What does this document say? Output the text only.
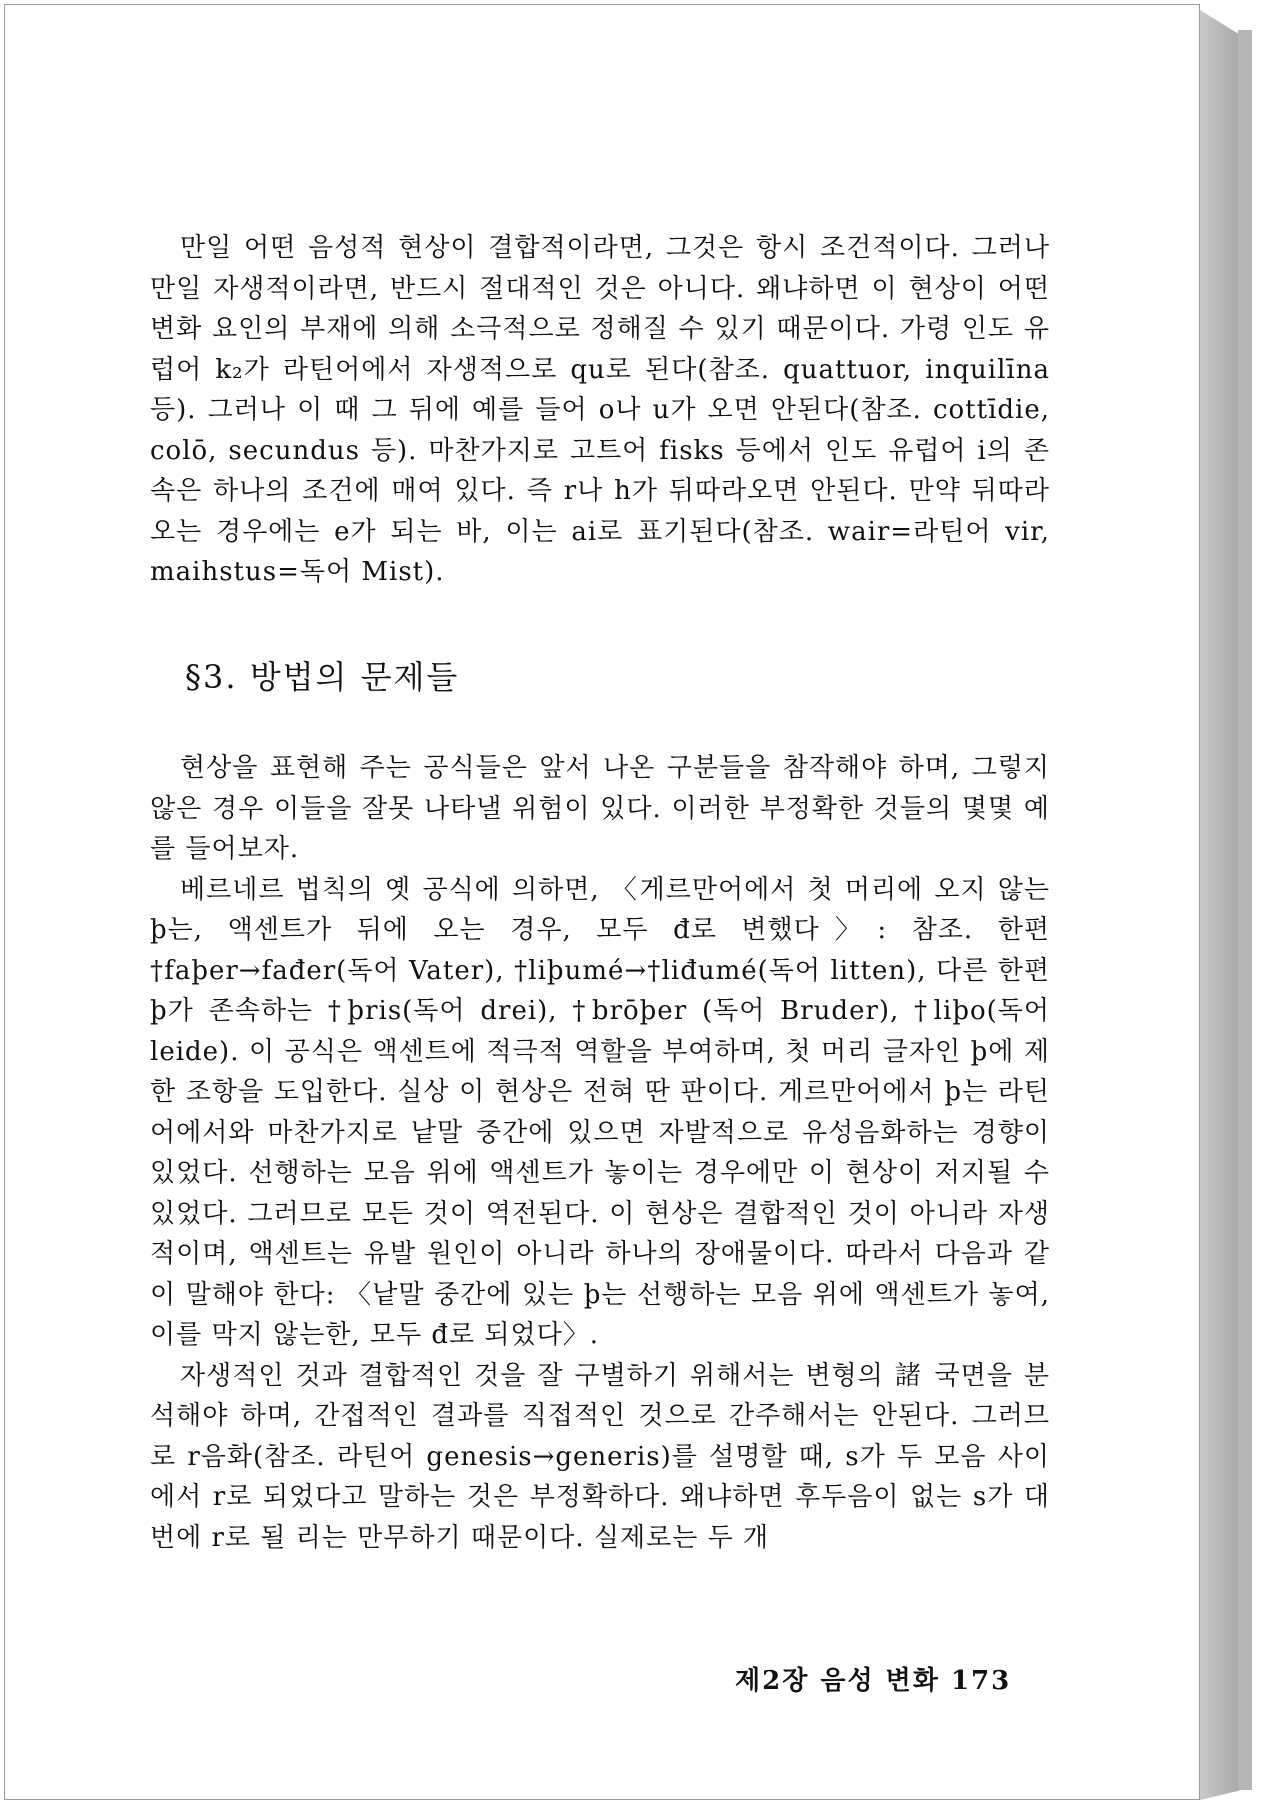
만일 어떤 음성적 현상이 결합적이라면, 그것은 항시 조건적이다. 그러나 만일 자생적이라면, 반드시 절대적인 것은 아니다. 왜냐하면 이 현상이 어떤 변화 요인의 부재에 의해 소극적으로 정해질 수 있기 때문이다. 가령 인도 유럽어 k₂가 라틴어에서 자생적으로 qu로 된다(참조. quattuor, inquilīna 등). 그러나 이 때 그 뒤에 예를 들어 o나 u가 오면 안된다(참조. cottīdie, colō, secundus 등). 마찬가지로 고트어 fisks 등에서 인도 유럽어 i의 존속은 하나의 조건에 매여 있다. 즉 r나 h가 뒤따라오면 안된다. 만약 뒤따라 오는 경우에는 e가 되는 바, 이는 ai로 표기된다(참조. wair=라틴어 vir, maihstus=독어 Mist).

§3. 방법의 문제들

현상을 표현해 주는 공식들은 앞서 나온 구분들을 참작해야 하며, 그렇지 않은 경우 이들을 잘못 나타낼 위험이 있다. 이러한 부정확한 것들의 몇몇 예를 들어보자.

베르네르 법칙의 옛 공식에 의하면, 〈게르만어에서 첫 머리에 오지 않는 þ는, 액센트가 뒤에 오는 경우, 모두 đ로 변했다〉: 참조. 한편 †faþer→fađer(독어 Vater), †liþumé→†liđumé(독어 litten), 다른 한편 þ가 존속하는 †þris(독어 drei), †brōþer (독어 Bruder), †liþo(독어 leide). 이 공식은 액센트에 적극적 역할을 부여하며, 첫 머리 글자인 þ에 제한 조항을 도입한다. 실상 이 현상은 전혀 딴 판이다. 게르만어에서 þ는 라틴어에서와 마찬가지로 낱말 중간에 있으면 자발적으로 유성음화하는 경향이 있었다. 선행하는 모음 위에 액센트가 놓이는 경우에만 이 현상이 저지될 수 있었다. 그러므로 모든 것이 역전된다. 이 현상은 결합적인 것이 아니라 자생적이며, 액센트는 유발 원인이 아니라 하나의 장애물이다. 따라서 다음과 같이 말해야 한다: 〈낱말 중간에 있는 þ는 선행하는 모음 위에 액센트가 놓여, 이를 막지 않는한, 모두 đ로 되었다〉.

자생적인 것과 결합적인 것을 잘 구별하기 위해서는 변형의 諸 국면을 분석해야 하며, 간접적인 결과를 직접적인 것으로 간주해서는 안된다. 그러므로 r음화(참조. 라틴어 genesis→generis)를 설명할 때, s가 두 모음 사이에서 r로 되었다고 말하는 것은 부정확하다. 왜냐하면 후두음이 없는 s가 대번에 r로 될 리는 만무하기 때문이다. 실제로는 두 개

제2장 음성 변화 173
